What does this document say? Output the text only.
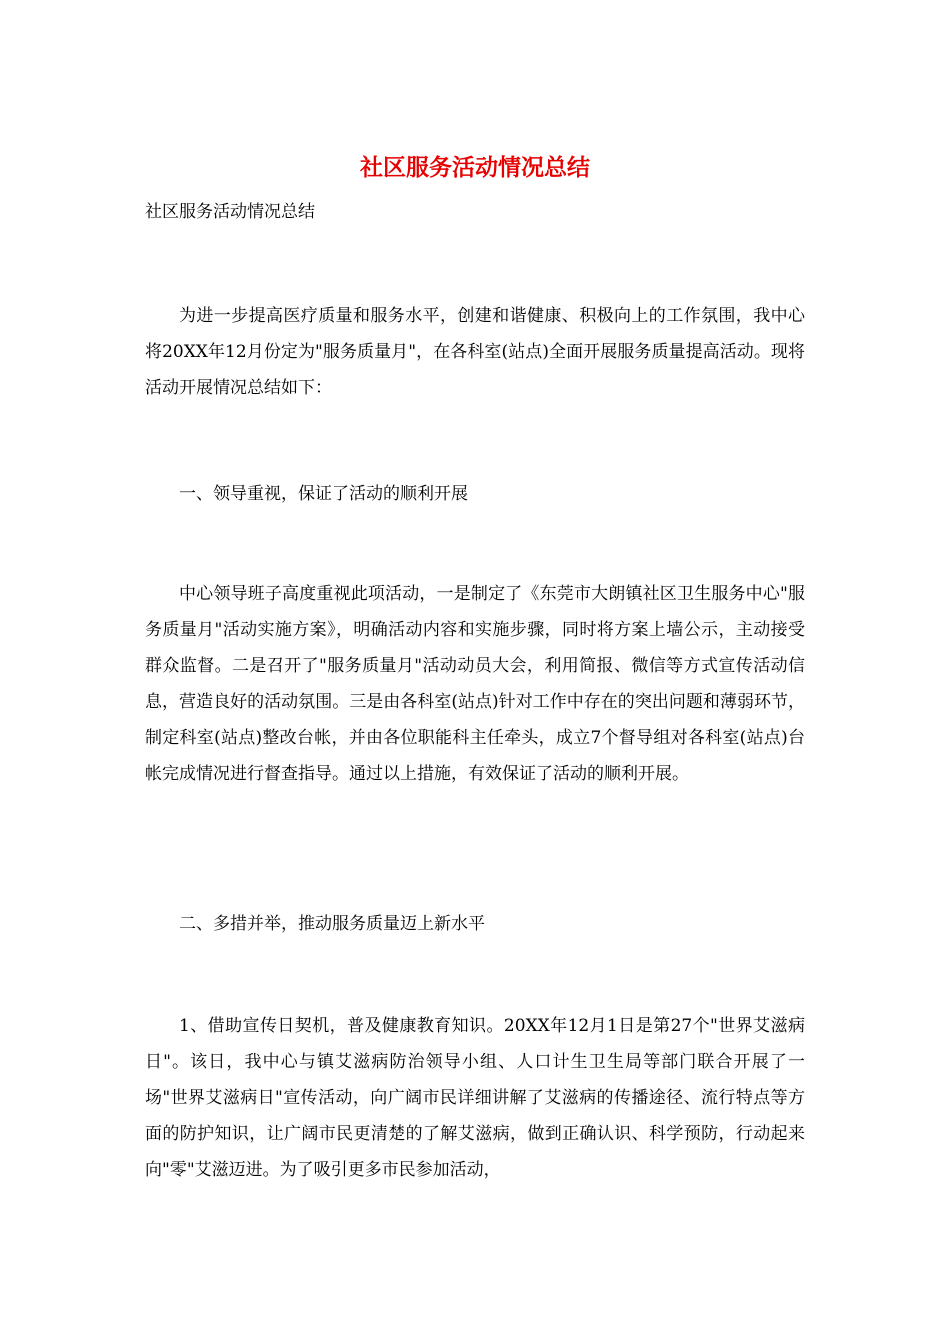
社区服务活动情况总结

社区服务活动情况总结

为进一步提高医疗质量和服务水平，创建和谐健康、积极向上的工作氛围，我中心将20XX年12月份定为"服务质量月"，在各科室(站点)全面开展服务质量提高活动。现将活动开展情况总结如下：

一、领导重视，保证了活动的顺利开展

中心领导班子高度重视此项活动，一是制定了《东莞市大朗镇社区卫生服务中心"服务质量月"活动实施方案》，明确活动内容和实施步骤，同时将方案上墙公示，主动接受群众监督。二是召开了"服务质量月"活动动员大会，利用简报、微信等方式宣传活动信息，营造良好的活动氛围。三是由各科室(站点)针对工作中存在的突出问题和薄弱环节，制定科室(站点)整改台帐，并由各位职能科主任牵头，成立7个督导组对各科室(站点)台帐完成情况进行督查指导。通过以上措施，有效保证了活动的顺利开展。

二、多措并举，推动服务质量迈上新水平

1、借助宣传日契机，普及健康教育知识。20XX年12月1日是第27个"世界艾滋病日"。该日，我中心与镇艾滋病防治领导小组、人口计生卫生局等部门联合开展了一场"世界艾滋病日"宣传活动，向广阔市民详细讲解了艾滋病的传播途径、流行特点等方面的防护知识，让广阔市民更清楚的了解艾滋病，做到正确认识、科学预防，行动起来向"零"艾滋迈进。为了吸引更多市民参加活动，
